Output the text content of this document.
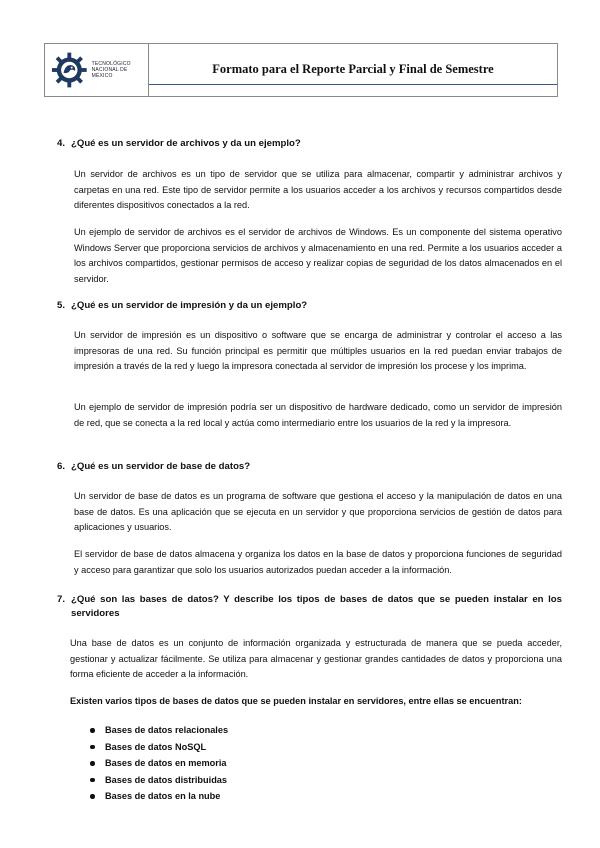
TECNOLÓGICO
NACIONAL DE MÉXICO
Formato para el Reporte Parcial y Final de Semestre
4. ¿Qué es un servidor de archivos y da un ejemplo?

Un servidor de archivos es un tipo de servidor que se utiliza para almacenar, compartir y administrar archivos y carpetas en una red. Este tipo de servidor permite a los usuarios acceder a los archivos y recursos compartidos desde diferentes dispositivos conectados a la red.

Un ejemplo de servidor de archivos es el servidor de archivos de Windows. Es un componente del sistema operativo Windows Server que proporciona servicios de archivos y almacenamiento en una red. Permite a los usuarios acceder a los archivos compartidos, gestionar permisos de acceso y realizar copias de seguridad de los datos almacenados en el servidor.

5. ¿Qué es un servidor de impresión y da un ejemplo?

Un servidor de impresión es un dispositivo o software que se encarga de administrar y controlar el acceso a las impresoras de una red. Su función principal es permitir que múltiples usuarios en la red puedan enviar trabajos de impresión a través de la red y luego la impresora conectada al servidor de impresión los procese y los imprima.

Un ejemplo de servidor de impresión podría ser un dispositivo de hardware dedicado, como un servidor de impresión de red, que se conecta a la red local y actúa como intermediario entre los usuarios de la red y la impresora.

6. ¿Qué es un servidor de base de datos?

Un servidor de base de datos es un programa de software que gestiona el acceso y la manipulación de datos en una base de datos. Es una aplicación que se ejecuta en un servidor y que proporciona servicios de gestión de datos para aplicaciones y usuarios.

El servidor de base de datos almacena y organiza los datos en la base de datos y proporciona funciones de seguridad y acceso para garantizar que solo los usuarios autorizados puedan acceder a la información.

7. ¿Qué son las bases de datos? Y describe los tipos de bases de datos que se pueden instalar en los servidores

Una base de datos es un conjunto de información organizada y estructurada de manera que se pueda acceder, gestionar y actualizar fácilmente. Se utiliza para almacenar y gestionar grandes cantidades de datos y proporciona una forma eficiente de acceder a la información.

Existen varios tipos de bases de datos que se pueden instalar en servidores, entre ellas se encuentran:

Bases de datos relacionales
Bases de datos NoSQL
Bases de datos en memoria
Bases de datos distribuidas
Bases de datos en la nube
